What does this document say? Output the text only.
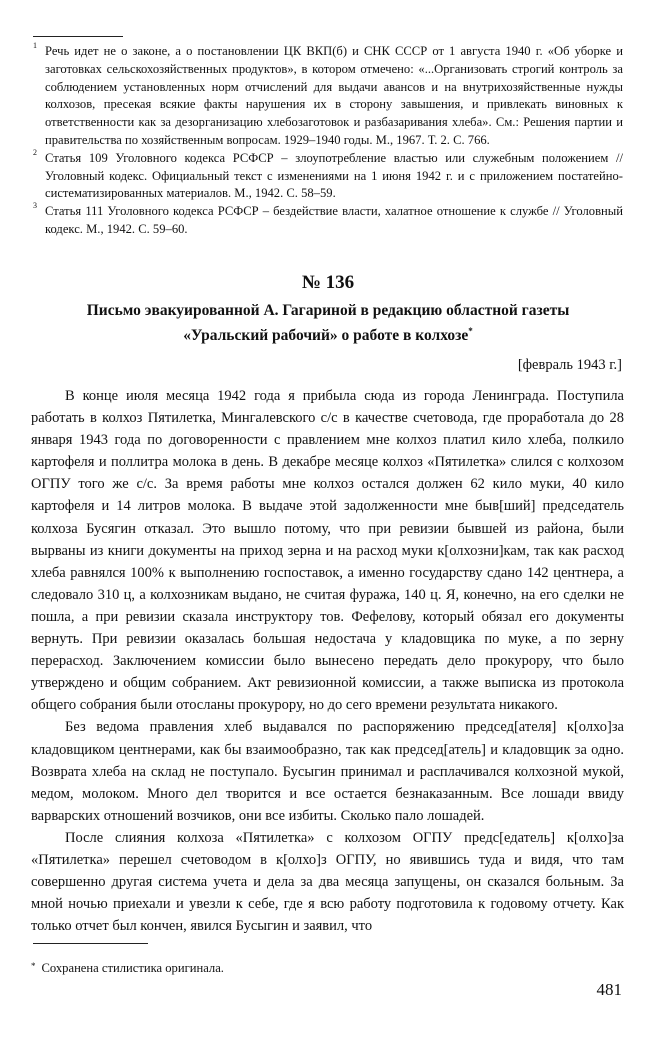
1 Речь идет не о законе, а о постановлении ЦК ВКП(б) и СНК СССР от 1 августа 1940 г. «Об уборке и заготовках сельскохозяйственных продуктов», в котором отмечено: «...Организовать строгий контроль за соблюдением установленных норм отчислений для выдачи авансов и на внутрихозяйственные нужды колхозов, пресекая всякие факты нарушения их в сторону завышения, и привлекать виновных к ответственности как за дезорганизацию хлебозаготовок и разбазаривания хлеба». См.: Решения партии и правительства по хозяйственным вопросам. 1929–1940 годы. М., 1967. Т. 2. С. 766.

2 Статья 109 Уголовного кодекса РСФСР – злоупотребление властью или служебным положением // Уголовный кодекс. Официальный текст с изменениями на 1 июня 1942 г. и с приложением постатейно-систематизированных материалов. М., 1942. С. 58–59.

3 Статья 111 Уголовного кодекса РСФСР – бездействие власти, халатное отношение к службе // Уголовный кодекс. М., 1942. С. 59–60.

№ 136
Письмо эвакуированной А. Гагариной в редакцию областной газеты «Уральский рабочий» о работе в колхозе*
[февраль 1943 г.]

В конце июля месяца 1942 года я прибыла сюда из города Ленинграда. Поступила работать в колхоз Пятилетка, Мингалевского с/с в качестве счетовода, где проработала до 28 января 1943 года по договоренности с правлением мне колхоз платил кило хлеба, полкило картофеля и поллитра молока в день. В декабре месяце колхоз «Пятилетка» слился с колхозом ОГПУ того же с/с. За время работы мне колхоз остался должен 62 кило муки, 40 кило картофеля и 14 литров молока. В выдаче этой задолженности мне быв[ший] председатель колхоза Бусягин отказал. Это вышло потому, что при ревизии бывшей из района, были вырваны из книги документы на приход зерна и на расход муки к[олхозни]кам, так как расход хлеба равнялся 100% к выполнению госпоставок, а именно государству сдано 142 центнера, а следовало 310 ц, а колхозникам выдано, не считая фуража, 140 ц. Я, конечно, на его сделки не пошла, а при ревизии сказала инструктору тов. Фефелову, который обязал его документы вернуть. При ревизии оказалась большая недостача у кладовщика по муке, а по зерну перерасход. Заключением комиссии было вынесено передать дело прокурору, что было утверждено и общим собранием. Акт ревизионной комиссии, а также выписка из протокола общего собрания были отосланы прокурору, но до сего времени результата никакого.

Без ведома правления хлеб выдавался по распоряжению председ[ателя] к[олхо]за кладовщиком центнерами, как бы взаимообразно, так как председ[атель] и кладовщик за одно. Возврата хлеба на склад не поступало. Бусыгин принимал и расплачивался колхозной мукой, медом, молоком. Много дел творится и все остается безнаказанным. Все лошади ввиду варварских отношений возчиков, они все избиты. Сколько пало лошадей.

После слияния колхоза «Пятилетка» с колхозом ОГПУ предс[едатель] к[олхо]за «Пятилетка» перешел счетоводом в к[олхо]з ОГПУ, но явившись туда и видя, что там совершенно другая система учета и дела за два месяца запущены, он сказался больным. За мной ночью приехали и увезли к себе, где я всю работу подготовила к годовому отчету. Как только отчет был кончен, явился Бусыгин и заявил, что

* Сохранена стилистика оригинала.
481
